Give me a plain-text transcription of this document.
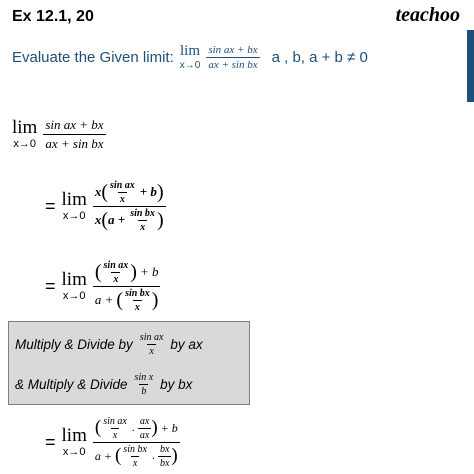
Ex 12.1, 20	teachoo
Evaluate the Given limit: lim
$x\to 0 \frac{\text{sin ax + bx}}{\text{ax + sin bx}}$ a , b, a + b ≠ 0
lim
$x\to 0 \frac{\text{sin ax + bx}}{\text{ax + sin bx}}$
= lim
x→0
x ( $\frac{\text{sin ax}}{x} + b$ )
x ( $a + \frac{\text{sin bx}}{x}$ )
= lim
$x\to 0 \frac{( \frac{\text{sin ax}}{x} ) + b}{a + ( \frac{\text{sin bx}}{x} )}$
Multiply & Divide by $\frac{\text{sin ax}}{x}$ by ax
& Multiply & Divide $\frac{\text{sin x}}{b}$ by bx
= lim
x→0
( $\frac{\text{sin ax}}{x}$ . $\frac{ax}{ax}$ ) + b
a + ( $\frac{\text{sin bx}}{x}$ . $\frac{bx}{bx}$ )
